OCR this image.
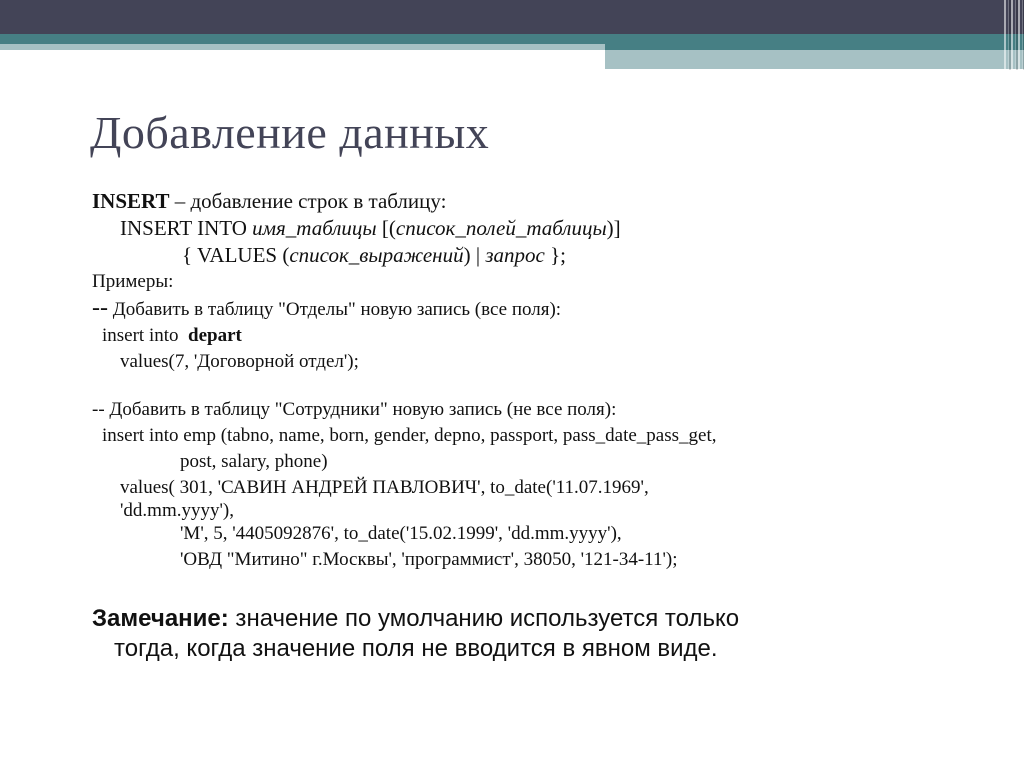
Добавление данных
INSERT – добавление строк в таблицу:
INSERT INTO имя_таблицы [(список_полей_таблицы)]
{ VALUES (список_выражений) | запрос };
Примеры:
-- Добавить в таблицу "Отделы" новую запись (все поля):
insert into  depart
values(7, 'Договорной отдел');
-- Добавить в таблицу "Сотрудники" новую запись (не все поля):
insert into emp (tabno, name, born, gender, depno, passport, pass_date_pass_get,
post, salary, phone)
values( 301, 'САВИН АНДРЕЙ ПАВЛОВИЧ', to_date('11.07.1969',
'dd.mm.yyyy'),
'M', 5, '4405092876', to_date('15.02.1999', 'dd.mm.yyyy'),
'ОВД "Митино" г.Москвы', 'программист', 38050, '121-34-11');
Замечание: значение по умолчанию используется только
тогда, когда значение поля не вводится в явном виде.
